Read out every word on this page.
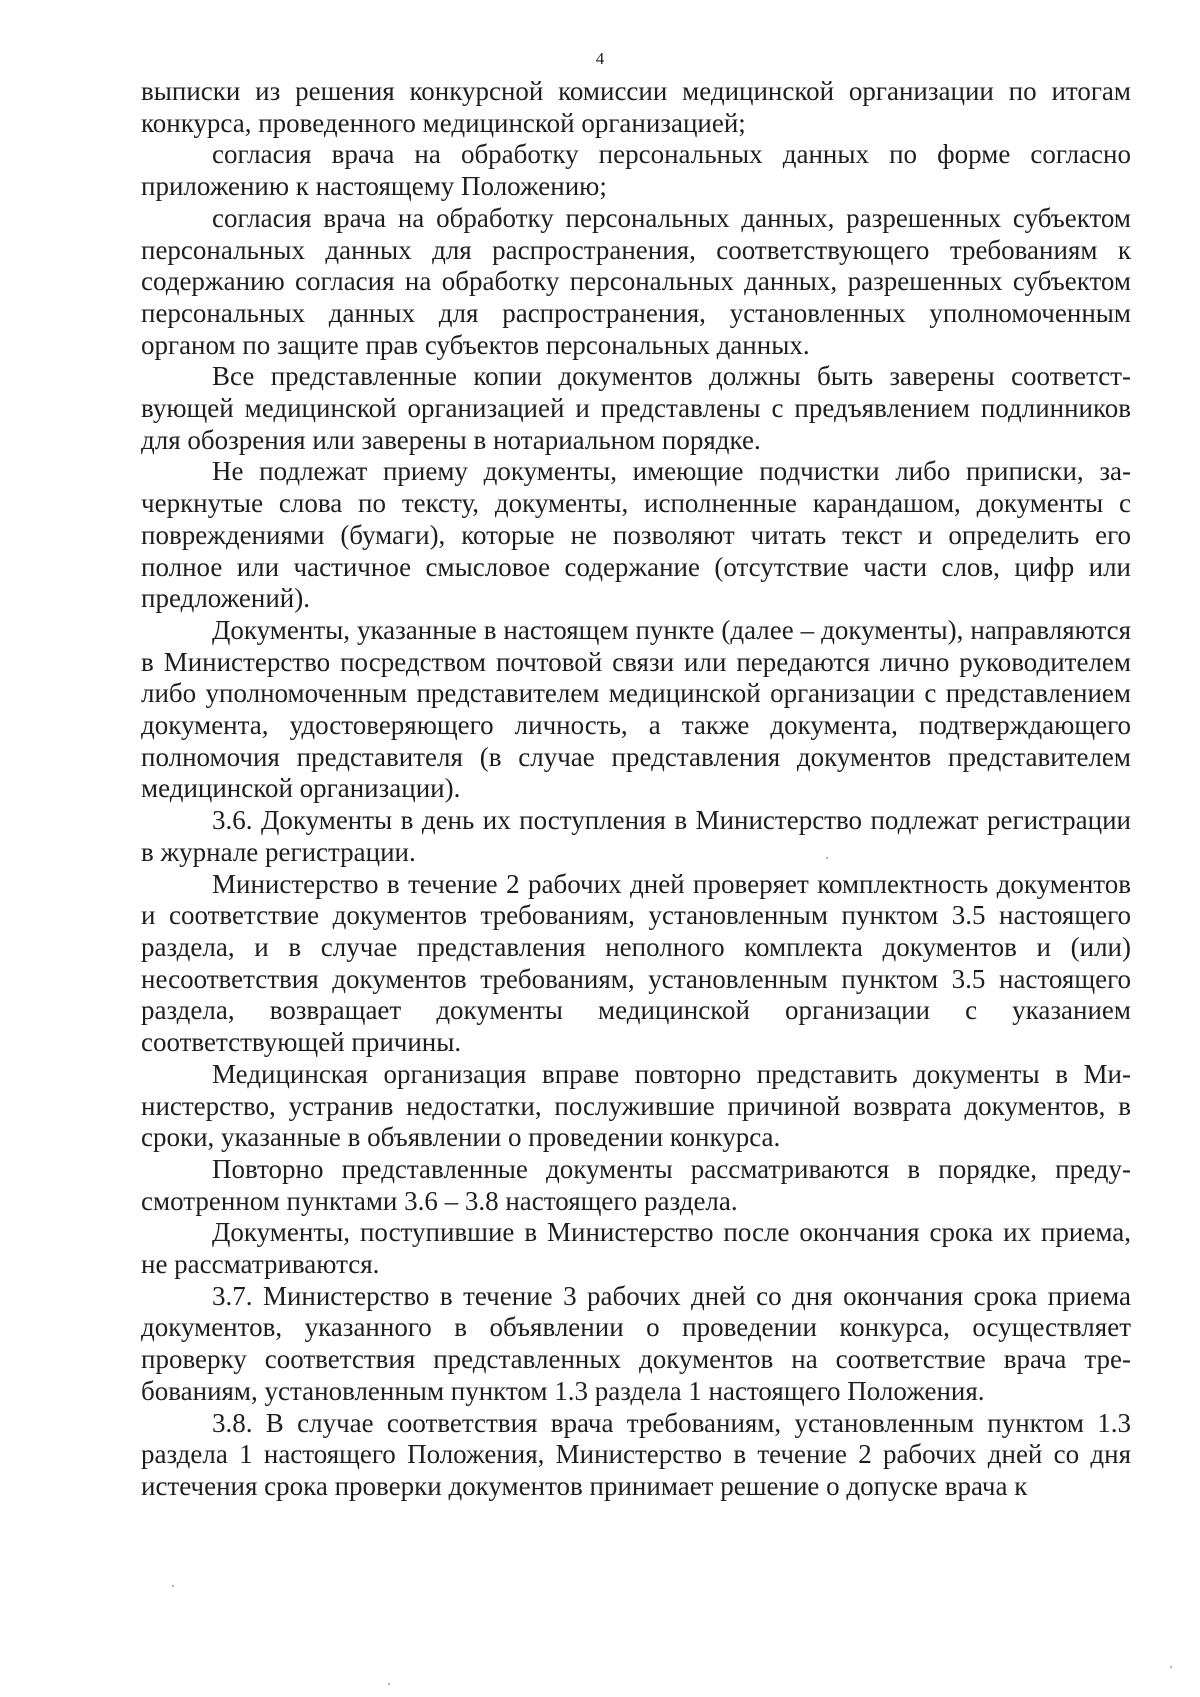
4

выписки из решения конкурсной комиссии медицинской организации по итогам конкурса, проведенного медицинской организацией;

согласия врача на обработку персональных данных по форме согласно приложению к настоящему Положению;

согласия врача на обработку персональных данных, разрешенных субъектом персональных данных для распространения, соответствующего требованиям к содержанию согласия на обработку персональных данных, разрешенных субъектом персональных данных для распространения, установленных уполномоченным органом по защите прав субъектов персональных данных.

Все представленные копии документов должны быть заверены соответствующей медицинской организацией и представлены с предъявлением подлинников для обозрения или заверены в нотариальном порядке.

Не подлежат приему документы, имеющие подчистки либо приписки, зачеркнутые слова по тексту, документы, исполненные карандашом, документы с повреждениями (бумаги), которые не позволяют читать текст и определить его полное или частичное смысловое содержание (отсутствие части слов, цифр или предложений).

Документы, указанные в настоящем пункте (далее – документы), направляются в Министерство посредством почтовой связи или передаются лично руководителем либо уполномоченным представителем медицинской организации с представлением документа, удостоверяющего личность, а также документа, подтверждающего полномочия представителя (в случае представления документов представителем медицинской организации).

3.6. Документы в день их поступления в Министерство подлежат регистрации в журнале регистрации.

Министерство в течение 2 рабочих дней проверяет комплектность документов и соответствие документов требованиям, установленным пунктом 3.5 настоящего раздела, и в случае представления неполного комплекта документов и (или) несоответствия документов требованиям, установленным пунктом 3.5 настоящего раздела, возвращает документы медицинской организации с указанием соответствующей причины.

Медицинская организация вправе повторно представить документы в Министерство, устранив недостатки, послужившие причиной возврата документов, в сроки, указанные в объявлении о проведении конкурса.

Повторно представленные документы рассматриваются в порядке, предусмотренном пунктами 3.6 – 3.8 настоящего раздела.

Документы, поступившие в Министерство после окончания срока их приема, не рассматриваются.

3.7. Министерство в течение 3 рабочих дней со дня окончания срока приема документов, указанного в объявлении о проведении конкурса, осуществляет проверку соответствия представленных документов на соответствие врача требованиям, установленным пунктом 1.3 раздела 1 настоящего Положения.

3.8. В случае соответствия врача требованиям, установленным пунктом 1.3 раздела 1 настоящего Положения, Министерство в течение 2 рабочих дней со дня истечения срока проверки документов принимает решение о допуске врача к
